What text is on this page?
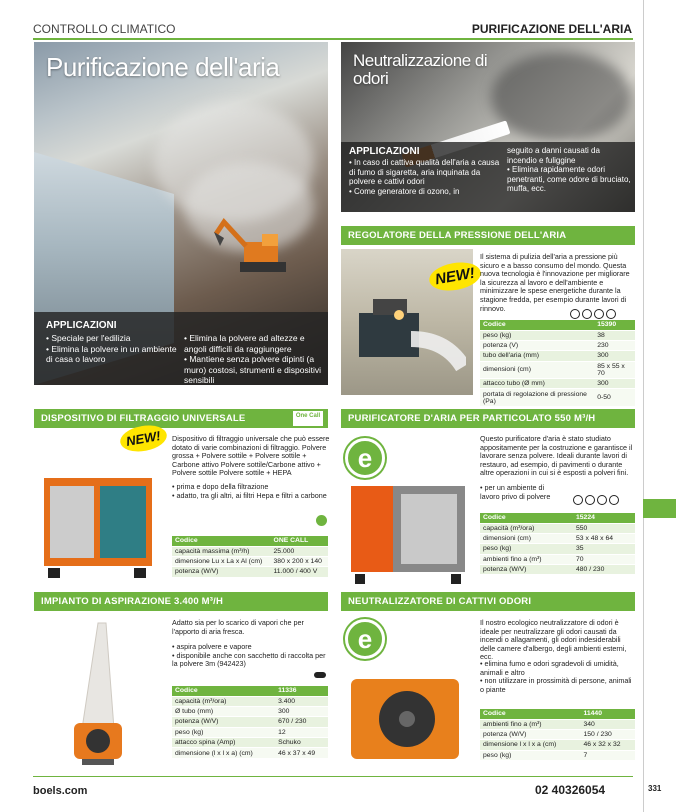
CONTROLLO CLIMATICO	PURIFICAZIONE DELL'ARIA
Purificazione dell'aria
APPLICAZIONI
• Speciale per l'edilizia
• Elimina la polvere in un ambiente di casa o lavoro
• Elimina la polvere ad altezze e angoli difficili da raggiungere
• Mantiene senza polvere dipinti (a muro) costosi, strumenti e dispositivi sensibili
Neutralizzazione di odori
APPLICAZIONI
• In caso di cattiva qualità dell'aria a causa di fumo di sigaretta, aria inquinata da polvere e cattivi odori
• Come generatore di ozono, in
seguito a danni causati da incendio e fuliggine
• Elimina rapidamente odori penetranti, come odore di bruciato, muffa, ecc.
REGOLATORE DELLA PRESSIONE DELL'ARIA
NEW!
Il sistema di pulizia dell'aria a pressione più sicuro e a basso consumo del mondo. Questa nuova tecnologia è l'innovazione per migliorare la sicurezza al lavoro e dell'ambiente e minimizzare le spese energetiche durante la stagione fredda, per esempio durante lavori di rinnovo.
Codice	15390
peso (kg)	38
potenza (V)	230
tubo dell'aria (mm)	300
dimensioni (cm)	85 x 55 x 70
attacco tubo (Ø mm)	300
portata di regolazione di pressione (Pa)	0-50
DISPOSITIVO DI FILTRAGGIO UNIVERSALE	One Call
NEW!	Dispositivo di filtraggio universale che può essere dotato di varie combinazioni di filtraggio. Polvere grossa + Polvere sottile + Polvere sottile + Carbone attivo Polvere sottile/Carbone attivo + Polvere sottile Polvere sottile + HEPA
• prima e dopo della filtrazione
• adatto, tra gli altri, ai filtri Hepa e filtri a carbone
Codice	ONE CALL
capacità massima (m³/h)	25.000
dimensione Lu x La x Al (cm)	380 x 200 x 140
potenza (W/V)	11.000 / 400 V
PURIFICATORE D'ARIA PER PARTICOLATO 550 M³/H
e
Questo purificatore d'aria è stato studiato appositamente per la costruzione e garantisce il lavorare senza polvere. Ideali durante lavori di restauro, ad esempio, di pavimenti o durante altre operazioni in cui si è esposti a polveri fini.
• per un ambiente di lavoro privo di polvere
Codice	15224
capacità (m³/ora)	550
dimensioni (cm)	53 x 48 x 64
peso (kg)	35
ambienti fino a (m³)	70
potenza (W/V)	480 / 230
IMPIANTO DI ASPIRAZIONE 3.400 M³/H
Adatto sia per lo scarico di vapori che per l'apporto di aria fresca.
• aspira polvere e vapore
• disponibile anche con sacchetto di raccolta per la polvere 3m (942423)
Codice	11336
capacità (m³/ora)	3.400
Ø tubo (mm)	300
potenza (W/V)	670 / 230
peso (kg)	12
attacco spina (Amp)	Schuko
dimensione (l x l x a) (cm)	46 x 37 x 49
NEUTRALIZZATORE DI CATTIVI ODORI
e
Il nostro ecologico neutralizzatore di odori è ideale per neutralizzare gli odori causati da incendi o allagamenti, gli odori indesiderabili delle camere d'albergo, degli ambienti esterni, ecc.
• elimina fumo e odori sgradevoli di umidità, animali e altro
• non utilizzare in prossimità di persone, animali o piante
Codice	11440
ambienti fino a (m³)	340
potenza (W/V)	150 / 230
dimensione l x l x a (cm)	46 x 32 x 32
peso (kg)	7
boels.com	02 40326054	331
